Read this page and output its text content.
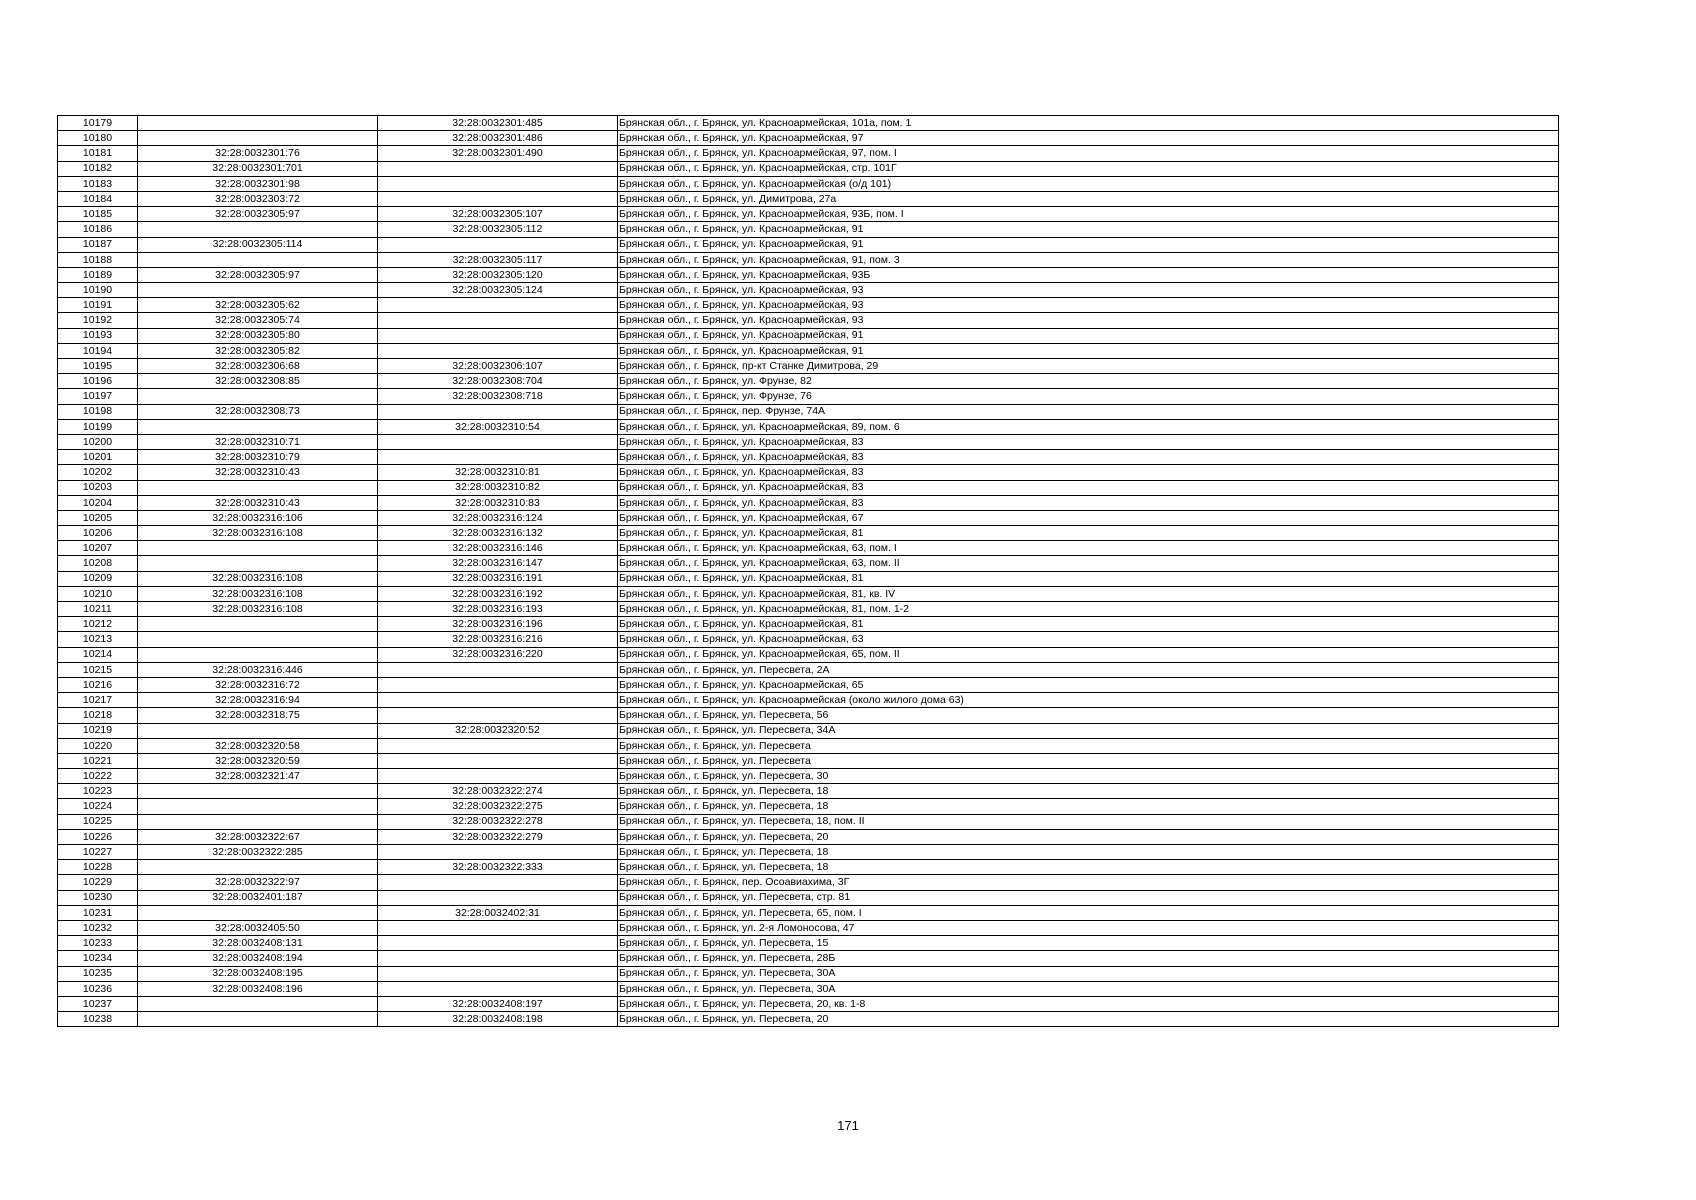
10179		32:28:0032301:485	Брянская обл., г. Брянск, ул. Красноармейская, 101а, пом. 1
10180		32:28:0032301:486	Брянская обл., г. Брянск, ул. Красноармейская, 97
10181	32:28:0032301:76	32:28:0032301:490	Брянская обл., г. Брянск, ул. Красноармейская, 97, пом. I
10182	32:28:0032301:701		Брянская обл., г. Брянск, ул. Красноармейская, стр. 101Г
10183	32:28:0032301:98		Брянская обл., г. Брянск, ул. Красноармейская (о/д 101)
10184	32:28:0032303:72		Брянская обл., г. Брянск, ул. Димитрова, 27а
10185	32:28:0032305:97	32:28:0032305:107	Брянская обл., г. Брянск, ул. Красноармейская, 93Б, пом. I
10186		32:28:0032305:112	Брянская обл., г. Брянск, ул. Красноармейская, 91
10187	32:28:0032305:114		Брянская обл., г. Брянск, ул. Красноармейская, 91
10188		32:28:0032305:117	Брянская обл., г. Брянск, ул. Красноармейская, 91, пом. 3
10189	32:28:0032305:97	32:28:0032305:120	Брянская обл., г. Брянск, ул. Красноармейская, 93Б
10190		32:28:0032305:124	Брянская обл., г. Брянск, ул. Красноармейская, 93
10191	32:28:0032305:62		Брянская обл., г. Брянск, ул. Красноармейская, 93
10192	32:28:0032305:74		Брянская обл., г. Брянск, ул. Красноармейская, 93
10193	32:28:0032305:80		Брянская обл., г. Брянск, ул. Красноармейская, 91
10194	32:28:0032305:82		Брянская обл., г. Брянск, ул. Красноармейская, 91
10195	32:28:0032306:68	32:28:0032306:107	Брянская обл., г. Брянск, пр-кт Станке Димитрова, 29
10196	32:28:0032308:85	32:28:0032308:704	Брянская обл., г. Брянск, ул. Фрунзе, 82
10197		32:28:0032308:718	Брянская обл., г. Брянск, ул. Фрунзе, 76
10198	32:28:0032308:73		Брянская обл., г. Брянск, пер. Фрунзе, 74А
10199		32:28:0032310:54	Брянская обл., г. Брянск, ул. Красноармейская, 89, пом. 6
10200	32:28:0032310:71		Брянская обл., г. Брянск, ул. Красноармейская, 83
10201	32:28:0032310:79		Брянская обл., г. Брянск, ул. Красноармейская, 83
10202	32:28:0032310:43	32:28:0032310:81	Брянская обл., г. Брянск, ул. Красноармейская, 83
10203		32:28:0032310:82	Брянская обл., г. Брянск, ул. Красноармейская, 83
10204	32:28:0032310:43	32:28:0032310:83	Брянская обл., г. Брянск, ул. Красноармейская, 83
10205	32:28:0032316:106	32:28:0032316:124	Брянская обл., г. Брянск, ул. Красноармейская, 67
10206	32:28:0032316:108	32:28:0032316:132	Брянская обл., г. Брянск, ул. Красноармейская, 81
10207		32:28:0032316:146	Брянская обл., г. Брянск, ул. Красноармейская, 63, пом. I
10208		32:28:0032316:147	Брянская обл., г. Брянск, ул. Красноармейская, 63, пом. II
10209	32:28:0032316:108	32:28:0032316:191	Брянская обл., г. Брянск, ул. Красноармейская, 81
10210	32:28:0032316:108	32:28:0032316:192	Брянская обл., г. Брянск, ул. Красноармейская, 81, кв. IV
10211	32:28:0032316:108	32:28:0032316:193	Брянская обл., г. Брянск, ул. Красноармейская, 81, пом. 1-2
10212		32:28:0032316:196	Брянская обл., г. Брянск, ул. Красноармейская, 81
10213		32:28:0032316:216	Брянская обл., г. Брянск, ул. Красноармейская, 63
10214		32:28:0032316:220	Брянская обл., г. Брянск, ул. Красноармейская, 65, пом. II
10215	32:28:0032316:446		Брянская обл., г. Брянск, ул. Пересвета, 2А
10216	32:28:0032316:72		Брянская обл., г. Брянск, ул. Красноармейская, 65
10217	32:28:0032316:94		Брянская обл., г. Брянск, ул. Красноармейская (около жилого дома 63)
10218	32:28:0032318:75		Брянская обл., г. Брянск, ул. Пересвета, 56
10219		32:28:0032320:52	Брянская обл., г. Брянск, ул. Пересвета, 34А
10220	32:28:0032320:58		Брянская обл., г. Брянск, ул. Пересвета
10221	32:28:0032320:59		Брянская обл., г. Брянск, ул. Пересвета
10222	32:28:0032321:47		Брянская обл., г. Брянск, ул. Пересвета, 30
10223		32:28:0032322:274	Брянская обл., г. Брянск, ул. Пересвета, 18
10224		32:28:0032322:275	Брянская обл., г. Брянск, ул. Пересвета, 18
10225		32:28:0032322:278	Брянская обл., г. Брянск, ул. Пересвета, 18, пом. II
10226	32:28:0032322:67	32:28:0032322:279	Брянская обл., г. Брянск, ул. Пересвета, 20
10227	32:28:0032322:285		Брянская обл., г. Брянск, ул. Пересвета, 18
10228		32:28:0032322:333	Брянская обл., г. Брянск, ул. Пересвета, 18
10229	32:28:0032322:97		Брянская обл., г. Брянск, пер. Осоавиахима, 3Г
10230	32:28:0032401:187		Брянская обл., г. Брянск, ул. Пересвета, стр. 81
10231		32:28:0032402:31	Брянская обл., г. Брянск, ул. Пересвета, 65, пом. I
10232	32:28:0032405:50		Брянская обл., г. Брянск, ул. 2-я Ломоносова, 47
10233	32:28:0032408:131		Брянская обл., г. Брянск, ул. Пересвета, 15
10234	32:28:0032408:194		Брянская обл., г. Брянск, ул. Пересвета, 28Б
10235	32:28:0032408:195		Брянская обл., г. Брянск, ул. Пересвета, 30А
10236	32:28:0032408:196		Брянская обл., г. Брянск, ул. Пересвета, 30А
10237		32:28:0032408:197	Брянская обл., г. Брянск, ул. Пересвета, 20, кв. 1-8
10238		32:28:0032408:198	Брянская обл., г. Брянск, ул. Пересвета, 20
171
